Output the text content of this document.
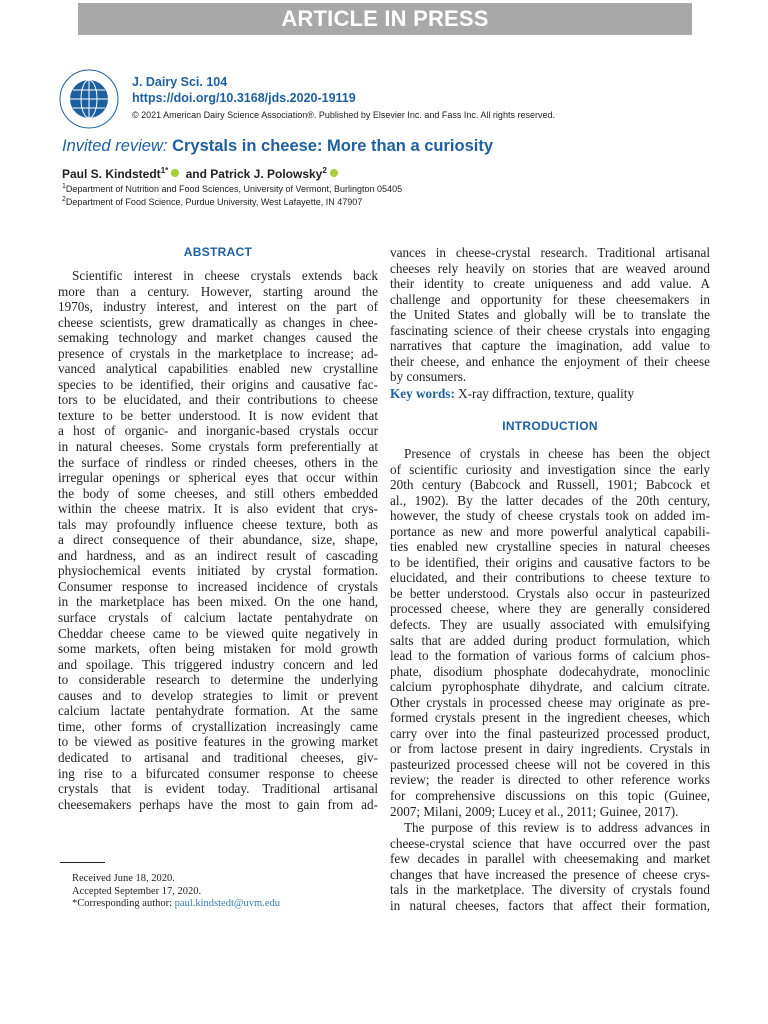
ARTICLE IN PRESS
J. Dairy Sci. 104
https://doi.org/10.3168/jds.2020-19119
© 2021 American Dairy Science Association®. Published by Elsevier Inc. and Fass Inc. All rights reserved.
Invited review: Crystals in cheese: More than a curiosity
Paul S. Kindstedt$^{1*}$ and Patrick J. Polowsky$^2$
$^1$Department of Nutrition and Food Sciences, University of Vermont, Burlington 05405
$^2$Department of Food Science, Purdue University, West Lafayette, IN 47907
ABSTRACT
Scientific interest in cheese crystals extends back
more than a century. However, starting around the
1970s, industry interest, and interest on the part of
cheese scientists, grew dramatically as changes in chee-
semaking technology and market changes caused the
presence of crystals in the marketplace to increase; ad-
vanced analytical capabilities enabled new crystalline
species to be identified, their origins and causative fac-
tors to be elucidated, and their contributions to cheese
texture to be better understood. It is now evident that
a host of organic- and inorganic-based crystals occur
in natural cheeses. Some crystals form preferentially at
the surface of rindless or rinded cheeses, others in the
irregular openings or spherical eyes that occur within
the body of some cheeses, and still others embedded
within the cheese matrix. It is also evident that crys-
tals may profoundly influence cheese texture, both as
a direct consequence of their abundance, size, shape,
and hardness, and as an indirect result of cascading
physiochemical events initiated by crystal formation.
Consumer response to increased incidence of crystals
in the marketplace has been mixed. On the one hand,
surface crystals of calcium lactate pentahydrate on
Cheddar cheese came to be viewed quite negatively in
some markets, often being mistaken for mold growth
and spoilage. This triggered industry concern and led
to considerable research to determine the underlying
causes and to develop strategies to limit or prevent
calcium lactate pentahydrate formation. At the same
time, other forms of crystallization increasingly came
to be viewed as positive features in the growing market
dedicated to artisanal and traditional cheeses, giv-
ing rise to a bifurcated consumer response to cheese
crystals that is evident today. Traditional artisanal
cheesemakers perhaps have the most to gain from ad-
vances in cheese-crystal research. Traditional artisanal
cheeses rely heavily on stories that are weaved around
their identity to create uniqueness and add value. A
challenge and opportunity for these cheesemakers in
the United States and globally will be to translate the
fascinating science of their cheese crystals into engaging
narratives that capture the imagination, add value to
their cheese, and enhance the enjoyment of their cheese
by consumers.
Key words: X-ray diffraction, texture, quality
INTRODUCTION
Presence of crystals in cheese has been the object
of scientific curiosity and investigation since the early
20th century (Babcock and Russell, 1901; Babcock et
al., 1902). By the latter decades of the 20th century,
however, the study of cheese crystals took on added im-
portance as new and more powerful analytical capabili-
ties enabled new crystalline species in natural cheeses
to be identified, their origins and causative factors to be
elucidated, and their contributions to cheese texture to
be better understood. Crystals also occur in pasteurized
processed cheese, where they are generally considered
defects. They are usually associated with emulsifying
salts that are added during product formulation, which
lead to the formation of various forms of calcium phos-
phate, disodium phosphate dodecahydrate, monoclinic
calcium pyrophosphate dihydrate, and calcium citrate.
Other crystals in processed cheese may originate as pre-
formed crystals present in the ingredient cheeses, which
carry over into the final pasteurized processed product,
or from lactose present in dairy ingredients. Crystals in
pasteurized processed cheese will not be covered in this
review; the reader is directed to other reference works
for comprehensive discussions on this topic (Guinee,
2007; Milani, 2009; Lucey et al., 2011; Guinee, 2017).
The purpose of this review is to address advances in
cheese-crystal science that have occurred over the past
few decades in parallel with cheesemaking and market
changes that have increased the presence of cheese crys-
tals in the marketplace. The diversity of crystals found
in natural cheeses, factors that affect their formation,
Received June 18, 2020.
Accepted September 17, 2020.
*Corresponding author: paul.kindstedt@uvm.edu
